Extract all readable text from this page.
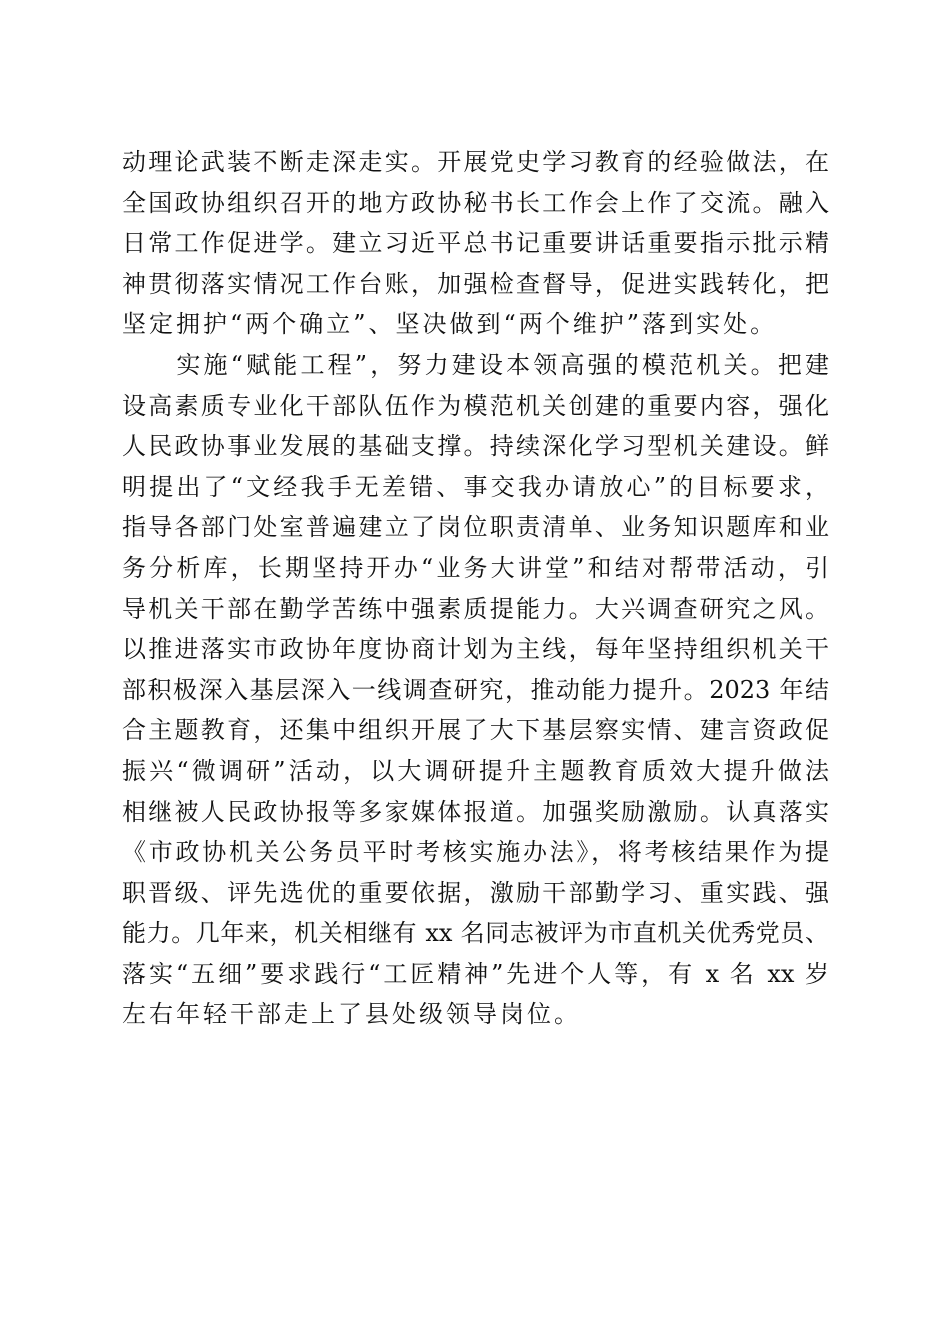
动理论武装不断走深走实。开展党史学习教育的经验做法，在
全国政协组织召开的地方政协秘书长工作会上作了交流。融入
日常工作促进学。建立习近平总书记重要讲话重要指示批示精
神贯彻落实情况工作台账，加强检查督导，促进实践转化，把
坚定拥护“两个确立”、坚决做到“两个维护”落到实处。
　　实施“赋能工程”，努力建设本领高强的模范机关。把建
设高素质专业化干部队伍作为模范机关创建的重要内容，强化
人民政协事业发展的基础支撑。持续深化学习型机关建设。鲜
明提出了“文经我手无差错、事交我办请放心”的目标要求，
指导各部门处室普遍建立了岗位职责清单、业务知识题库和业
务分析库，长期坚持开办“业务大讲堂”和结对帮带活动，引
导机关干部在勤学苦练中强素质提能力。大兴调查研究之风。
以推进落实市政协年度协商计划为主线，每年坚持组织机关干
部积极深入基层深入一线调查研究，推动能力提升。2023 年结
合主题教育，还集中组织开展了大下基层察实情、建言资政促
振兴“微调研”活动，以大调研提升主题教育质效大提升做法
相继被人民政协报等多家媒体报道。加强奖励激励。认真落实
《市政协机关公务员平时考核实施办法》，将考核结果作为提
职晋级、评先选优的重要依据，激励干部勤学习、重实践、强
能力。几年来，机关相继有 xx 名同志被评为市直机关优秀党员、
落实“五细”要求践行“工匠精神”先进个人等，有 x 名 xx 岁
左右年轻干部走上了县处级领导岗位。
